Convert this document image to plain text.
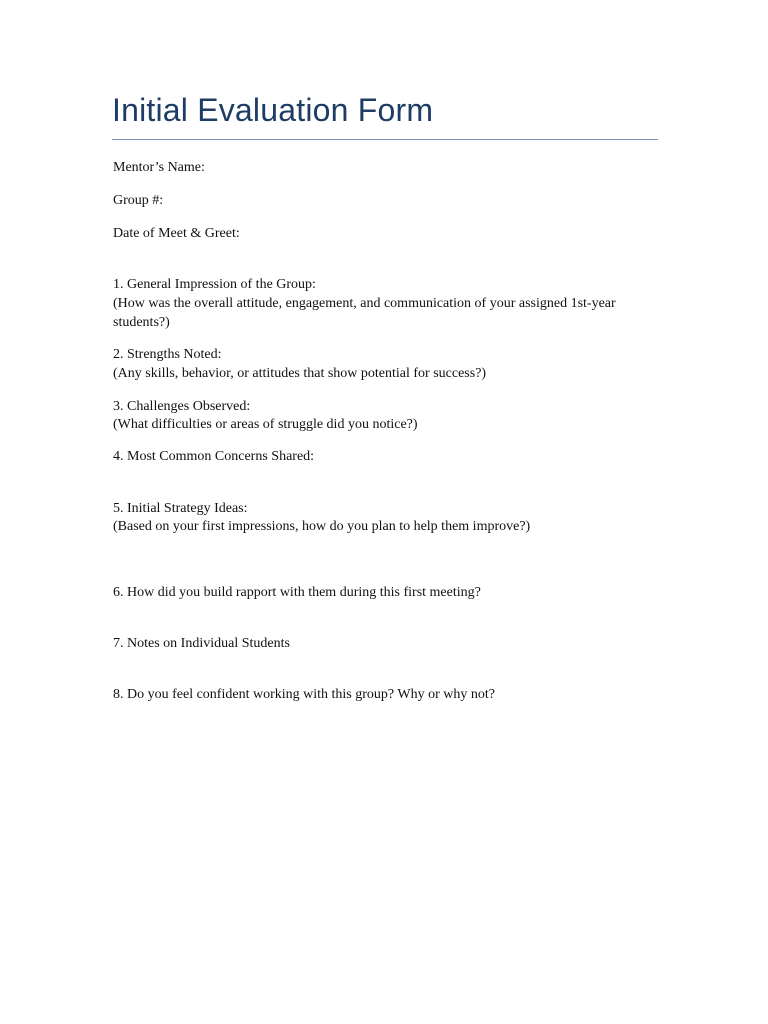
Initial Evaluation Form
Mentor’s Name:
Group #:
Date of Meet & Greet:
1. General Impression of the Group:
(How was the overall attitude, engagement, and communication of your assigned 1st-year students?)
2. Strengths Noted:
(Any skills, behavior, or attitudes that show potential for success?)
3. Challenges Observed:
(What difficulties or areas of struggle did you notice?)
4. Most Common Concerns Shared:
5. Initial Strategy Ideas:
(Based on your first impressions, how do you plan to help them improve?)
6. How did you build rapport with them during this first meeting?
7. Notes on Individual Students
8. Do you feel confident working with this group? Why or why not?
